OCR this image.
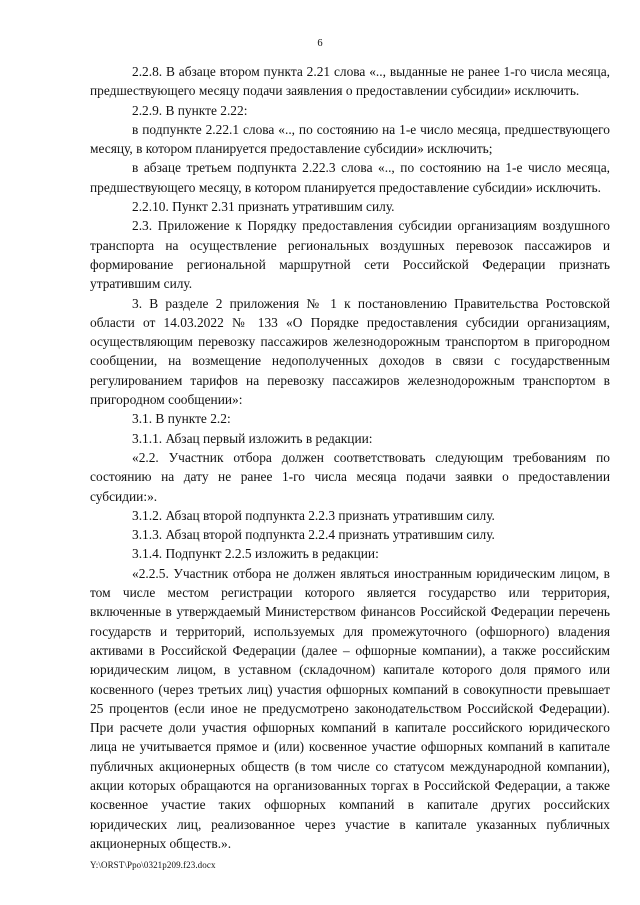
6

2.2.8. В абзаце втором пункта 2.21 слова «.., выданные не ранее 1-го числа месяца, предшествующего месяцу подачи заявления о предоставлении субсидии» исключить.

2.2.9. В пункте 2.22:

в подпункте 2.22.1 слова «.., по состоянию на 1-е число месяца, предшествующего месяцу, в котором планируется предоставление субсидии» исключить;

в абзаце третьем подпункта 2.22.3 слова «.., по состоянию на 1-е число месяца, предшествующего месяцу, в котором планируется предоставление субсидии» исключить.

2.2.10. Пункт 2.31 признать утратившим силу.

2.3. Приложение к Порядку предоставления субсидии организациям воздушного транспорта на осуществление региональных воздушных перевозок пассажиров и формирование региональной маршрутной сети Российской Федерации признать утратившим силу.

3. В разделе 2 приложения № 1 к постановлению Правительства Ростовской области от 14.03.2022 № 133 «О Порядке предоставления субсидии организациям, осуществляющим перевозку пассажиров железнодорожным транспортом в пригородном сообщении, на возмещение недополученных доходов в связи с государственным регулированием тарифов на перевозку пассажиров железнодорожным транспортом в пригородном сообщении»:

3.1. В пункте 2.2:

3.1.1. Абзац первый изложить в редакции:

«2.2. Участник отбора должен соответствовать следующим требованиям по состоянию на дату не ранее 1-го числа месяца подачи заявки о предоставлении субсидии:».

3.1.2. Абзац второй подпункта 2.2.3 признать утратившим силу.

3.1.3. Абзац второй подпункта 2.2.4 признать утратившим силу.

3.1.4. Подпункт 2.2.5 изложить в редакции:

«2.2.5. Участник отбора не должен являться иностранным юридическим лицом, в том числе местом регистрации которого является государство или территория, включенные в утверждаемый Министерством финансов Российской Федерации перечень государств и территорий, используемых для промежуточного (офшорного) владения активами в Российской Федерации (далее – офшорные компании), а также российским юридическим лицом, в уставном (складочном) капитале которого доля прямого или косвенного (через третьих лиц) участия офшорных компаний в совокупности превышает 25 процентов (если иное не предусмотрено законодательством Российской Федерации). При расчете доли участия офшорных компаний в капитале российского юридического лица не учитывается прямое и (или) косвенное участие офшорных компаний в капитале публичных акционерных обществ (в том числе со статусом международной компании), акции которых обращаются на организованных торгах в Российской Федерации, а также косвенное участие таких офшорных компаний в капитале других российских юридических лиц, реализованное через участие в капитале указанных публичных акционерных обществ.».

Y:\ORST\Ppo\0321p209.f23.docx
